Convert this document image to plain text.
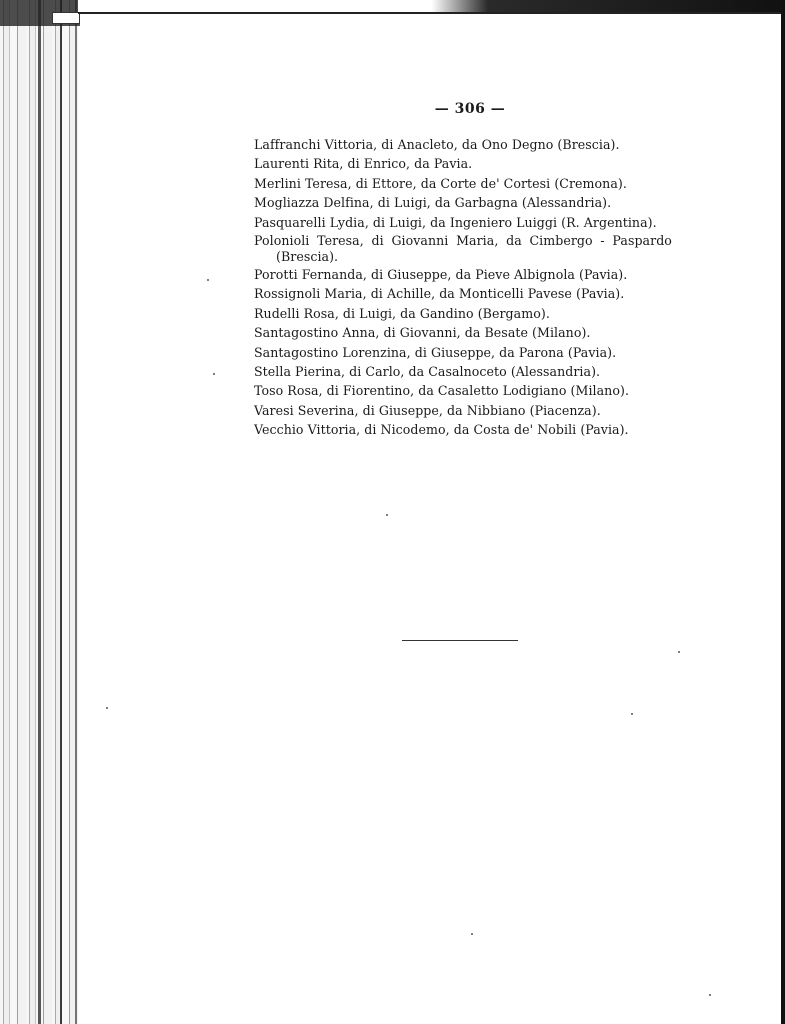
— 306 —
Laffranchi Vittoria, di Anacleto, da Ono Degno (Brescia).
Laurenti Rita, di Enrico, da Pavia.
Merlini Teresa, di Ettore, da Corte de' Cortesi (Cremona).
Mogliazza Delfina, di Luigi, da Garbagna (Alessandria).
Pasquarelli Lydia, di Luigi, da Ingeniero Luiggi (R. Argentina).
Polonioli Teresa, di Giovanni Maria, da Cimbergo - Paspardo
(Brescia).
Porotti Fernanda, di Giuseppe, da Pieve Albignola (Pavia).
Rossignoli Maria, di Achille, da Monticelli Pavese (Pavia).
Rudelli Rosa, di Luigi, da Gandino (Bergamo).
Santagostino Anna, di Giovanni, da Besate (Milano).
Santagostino Lorenzina, di Giuseppe, da Parona (Pavia).
Stella Pierina, di Carlo, da Casalnoceto (Alessandria).
Toso Rosa, di Fiorentino, da Casaletto Lodigiano (Milano).
Varesi Severina, di Giuseppe, da Nibbiano (Piacenza).
Vecchio Vittoria, di Nicodemo, da Costa de' Nobili (Pavia).
